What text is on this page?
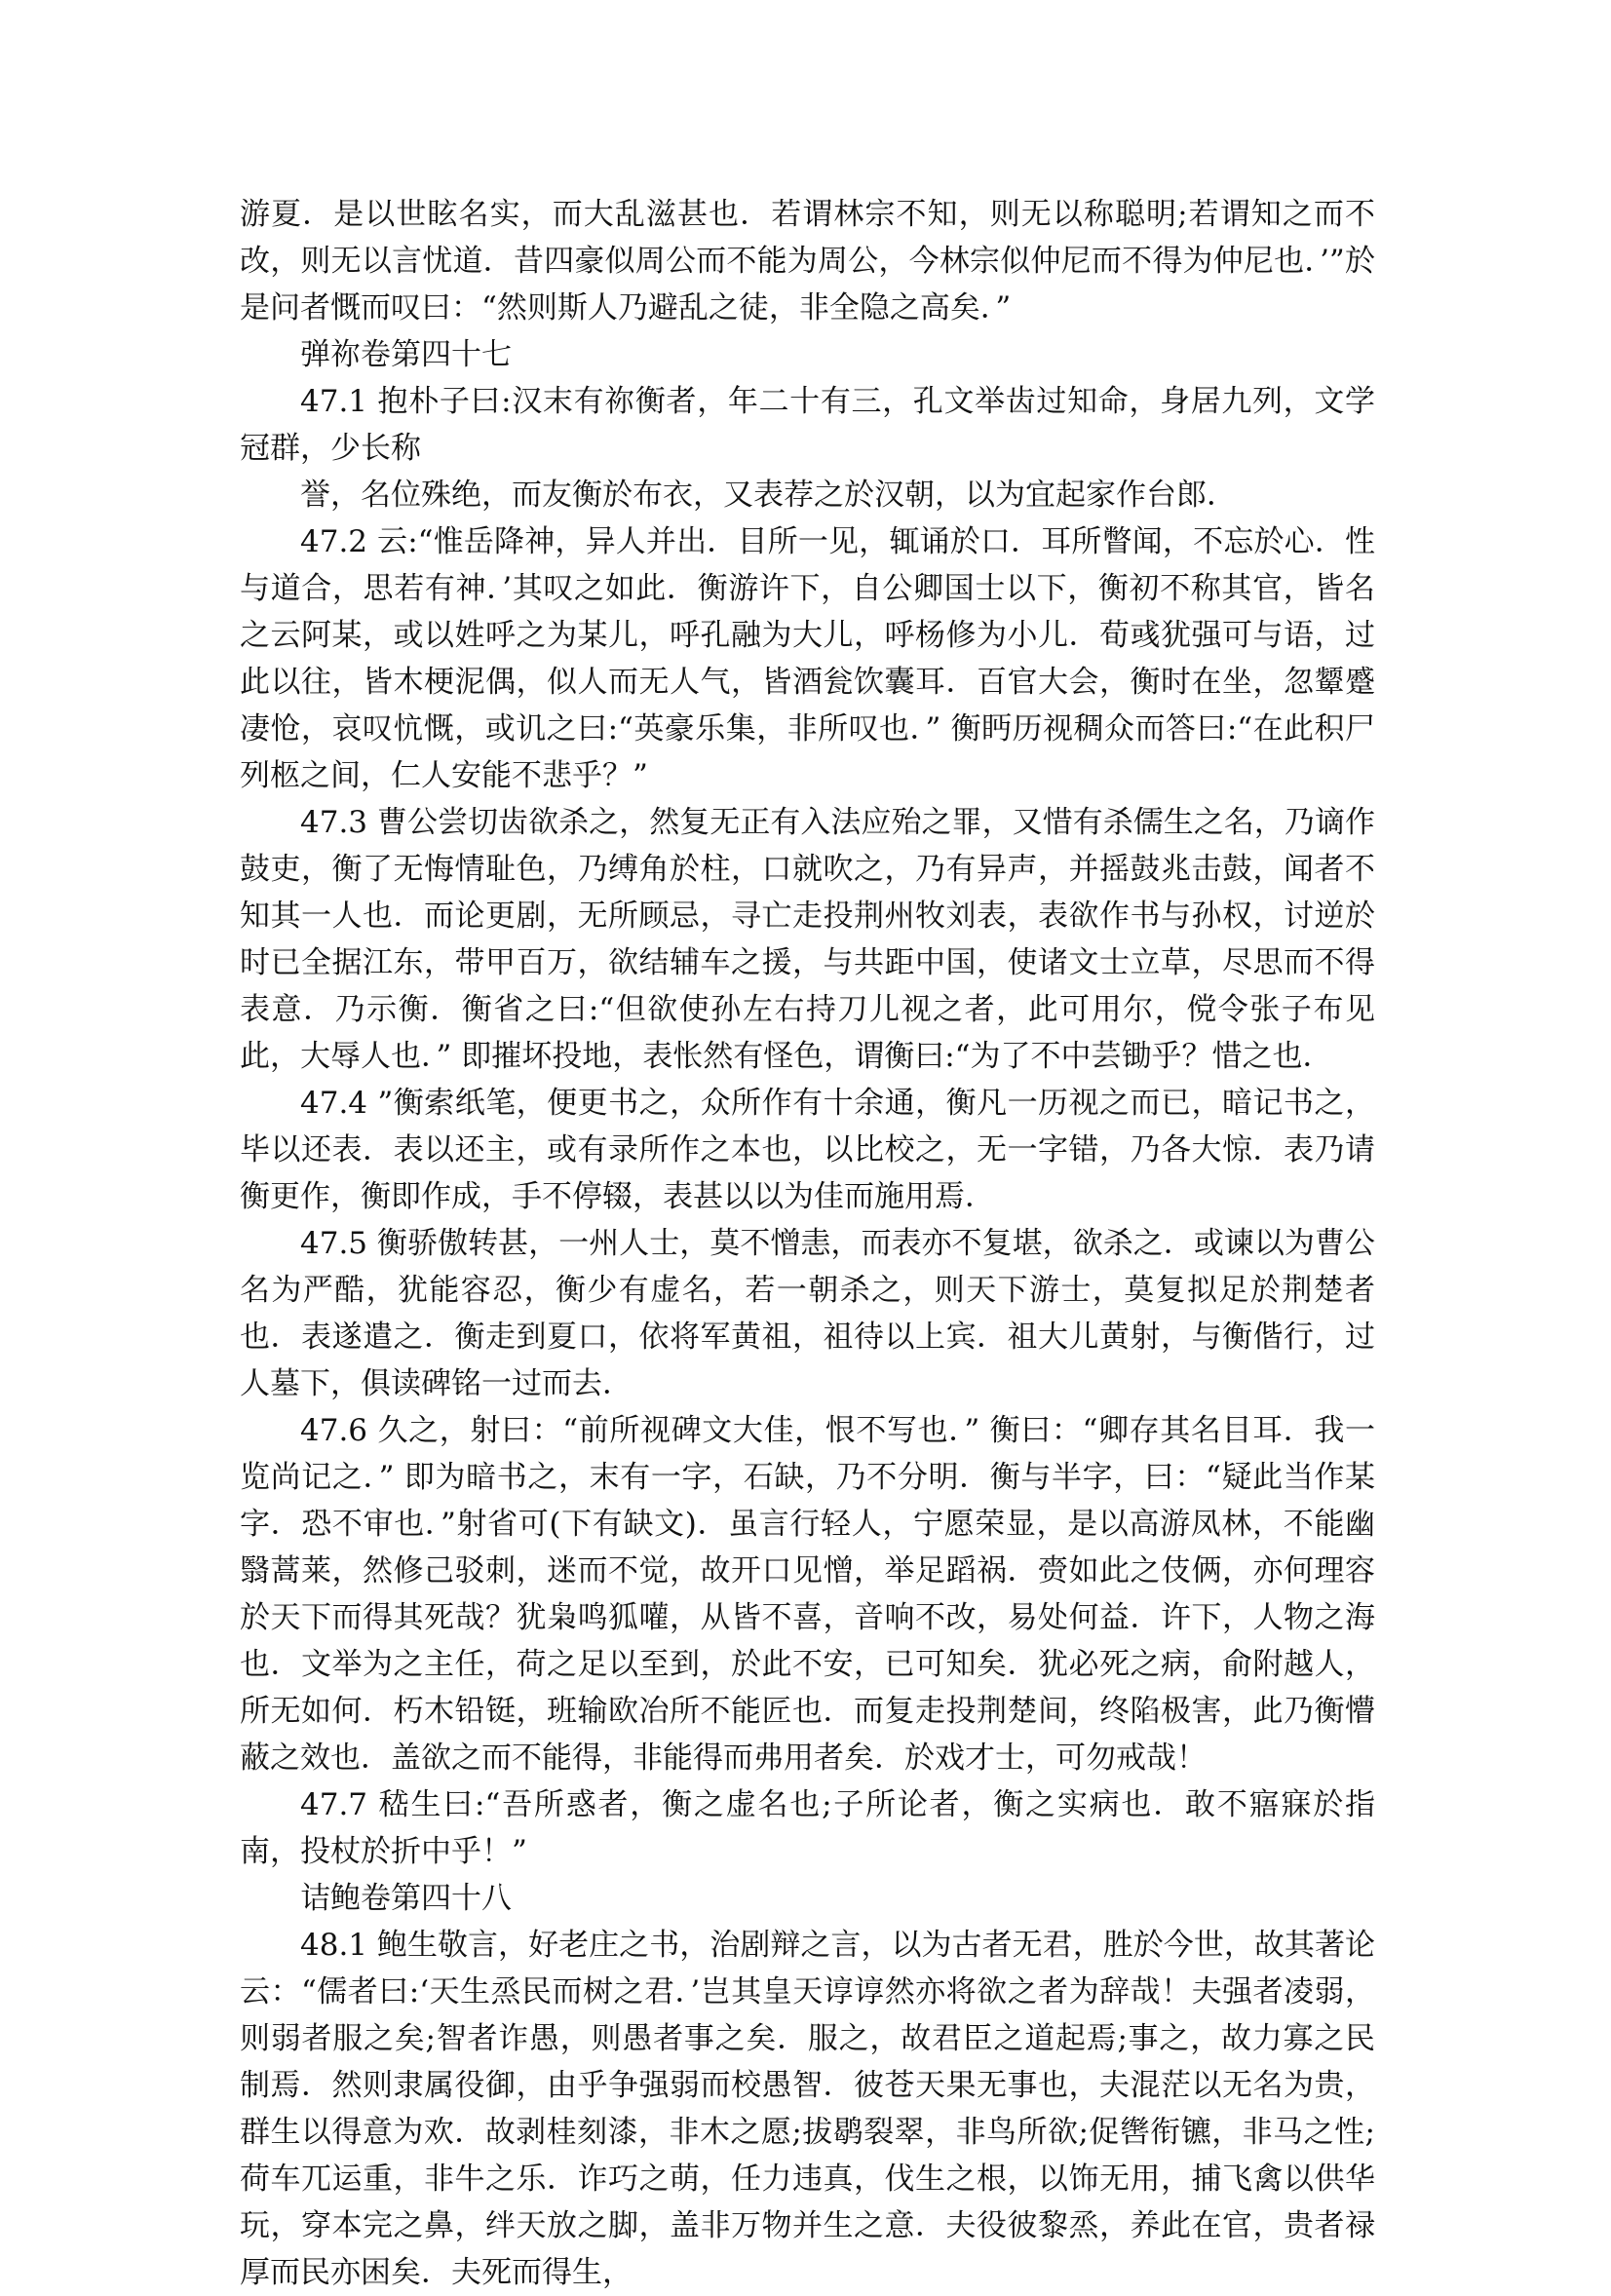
游夏．是以世眩名实，而大乱滋甚也．若谓林宗不知，则无以称聪明;若谓知之而不改，则无以言忧道．昔四豪似周公而不能为周公，今林宗似仲尼而不得为仲尼也．’”於是问者慨而叹曰：“然则斯人乃避乱之徒，非全隐之高矣．”

弹祢卷第四十七

47.1 抱朴子曰:汉末有祢衡者，年二十有三，孔文举齿过知命，身居九列，文学冠群，少长称

誉，名位殊绝，而友衡於布衣，又表荐之於汉朝，以为宜起家作台郎．

47.2 云:“惟岳降神，异人并出．目所一见，辄诵於口．耳所瞥闻，不忘於心．性与道合，思若有神．’其叹之如此．衡游许下，自公卿国士以下，衡初不称其官，皆名之云阿某，或以姓呼之为某儿，呼孔融为大儿，呼杨修为小儿．荀彧犹强可与语，过此以往，皆木梗泥偶，似人而无人气，皆酒瓮饮囊耳．百官大会，衡时在坐，忽颦蹙凄怆，哀叹忼慨，或讥之曰:“英豪乐集，非所叹也．” 衡眄历视稠众而答曰:“在此积尸列柩之间，仁人安能不悲乎？”

47.3 曹公尝切齿欲杀之，然复无正有入法应殆之罪，又惜有杀儒生之名，乃谪作鼓吏，衡了无悔情耻色，乃缚角於柱，口就吹之，乃有异声，并摇鼓兆击鼓，闻者不知其一人也．而论更剧，无所顾忌，寻亡走投荆州牧刘表，表欲作书与孙权，讨逆於时已全据江东，带甲百万，欲结辅车之援，与共距中国，使诸文士立草，尽思而不得表意．乃示衡．衡省之曰:“但欲使孙左右持刀儿视之者，此可用尔，傥令张子布见此，大辱人也．” 即摧坏投地，表怅然有怪色，谓衡曰:“为了不中芸锄乎？惜之也．

47.4 ”衡索纸笔，便更书之，众所作有十余通，衡凡一历视之而已，暗记书之，毕以还表．表以还主，或有录所作之本也，以比校之，无一字错，乃各大惊．表乃请衡更作，衡即作成，手不停辍，表甚以以为佳而施用焉．

47.5 衡骄傲转甚，一州人士，莫不憎恚，而表亦不复堪，欲杀之．或谏以为曹公名为严酷，犹能容忍，衡少有虚名，若一朝杀之，则天下游士，莫复拟足於荆楚者也．表遂遣之．衡走到夏口，依将军黄祖，祖待以上宾．祖大儿黄射，与衡偕行，过人墓下，俱读碑铭一过而去．

47.6 久之，射曰：“前所视碑文大佳，恨不写也．” 衡曰：“卿存其名目耳．我一览尚记之．” 即为暗书之，末有一字，石缺，乃不分明．衡与半字，曰：“疑此当作某字．恐不审也．”射省可(下有缺文)．虽言行轻人，宁愿荣显，是以高游凤林，不能幽翳蒿莱，然修己驳刺，迷而不觉，故开口见憎，举足蹈祸．赍如此之伎俩，亦何理容於天下而得其死哉？犹枭鸣狐嚾，从皆不喜，音响不改，易处何益．许下，人物之海也．文举为之主任，荷之足以至到，於此不安，已可知矣．犹必死之病，俞附越人，所无如何．朽木铅铤，班输欧冶所不能匠也．而复走投荆楚间，终陷极害，此乃衡懵蔽之效也．盖欲之而不能得，非能得而弗用者矣．於戏才士，可勿戒哉！

47.7 嵇生曰:“吾所惑者，衡之虚名也;子所论者，衡之实病也．敢不寤寐於指南，投杖於折中乎！”

诘鲍卷第四十八

48.1 鲍生敬言，好老庄之书，治剧辩之言，以为古者无君，胜於今世，故其著论云：“儒者曰:‘天生烝民而树之君．’岂其皇天谆谆然亦将欲之者为辞哉！夫强者凌弱，则弱者服之矣;智者诈愚，则愚者事之矣．服之，故君臣之道起焉;事之，故力寡之民制焉．然则隶属役御，由乎争强弱而校愚智．彼苍天果无事也，夫混茫以无名为贵，群生以得意为欢．故剥桂刻漆，非木之愿;拔鹖裂翠，非鸟所欲;促辔衔镳，非马之性;荷车兀运重，非牛之乐．诈巧之萌，任力违真，伐生之根，以饰无用，捕飞禽以供华玩，穿本完之鼻，绊天放之脚，盖非万物并生之意．夫役彼黎烝，养此在官，贵者禄厚而民亦困矣．夫死而得生，
